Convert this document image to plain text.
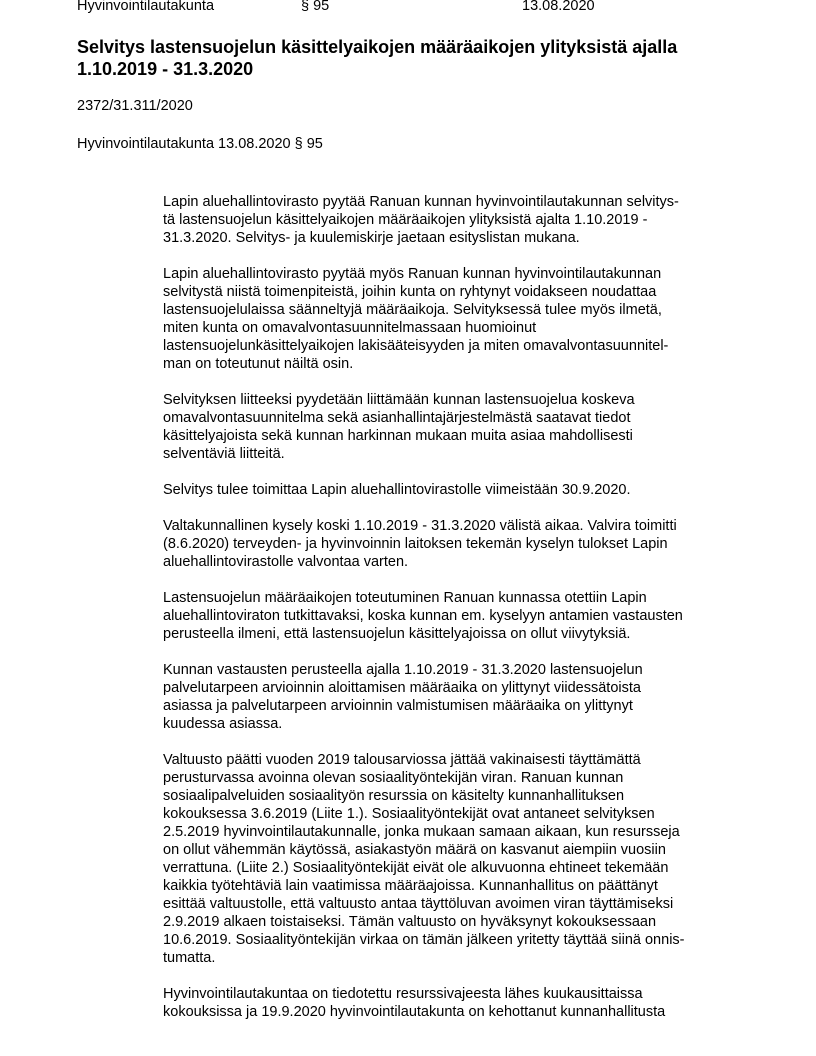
Hyvinvointilautakunta	§ 95	13.08.2020
Selvitys lastensuojelun käsittelyaikojen määräaikojen ylityksistä ajalla
1.10.2019 - 31.3.2020
2372/31.311/2020
Hyvinvointilautakunta 13.08.2020 § 95

Lapin aluehallintovirasto pyytää Ranuan kunnan hyvinvointilautakunnan selvitys-
tä lastensuojelun käsittelyaikojen määräaikojen ylityksistä ajalta 1.10.2019 -
31.3.2020. Selvitys- ja kuulemiskirje jaetaan esityslistan mukana.

Lapin aluehallintovirasto pyytää myös Ranuan kunnan hyvinvointilautakunnan
selvitystä niistä toimenpiteistä, joihin kunta on ryhtynyt voidakseen noudattaa
lastensuojelulaissa säänneltyjä määräaikoja. Selvityksessä tulee myös ilmetä,
miten kunta on omavalvontasuunnitelmassaan huomioinut
lastensuojelunkäsittelyaikojen lakisääteisyyden ja miten omavalvontasuunnitel-
man on toteutunut näiltä osin.

Selvityksen liitteeksi pyydetään liittämään kunnan lastensuojelua koskeva
omavalvontasuunnitelma sekä asianhallintajärjestelmästä saatavat tiedot
käsittelyajoista sekä kunnan harkinnan mukaan muita asiaa mahdollisesti
selventäviä liitteitä.

Selvitys tulee toimittaa Lapin aluehallintovirastolle viimeistään 30.9.2020.

Valtakunnallinen kysely koski 1.10.2019 - 31.3.2020 välistä aikaa. Valvira toimitti
(8.6.2020) terveyden- ja hyvinvoinnin laitoksen tekemän kyselyn tulokset Lapin
aluehallintovirastolle valvontaa varten.

Lastensuojelun määräaikojen toteutuminen Ranuan kunnassa otettiin Lapin
aluehallintoviraton tutkittavaksi, koska kunnan em. kyselyyn antamien vastausten
perusteella ilmeni, että lastensuojelun käsittelyajoissa on ollut viivytyksiä.

Kunnan vastausten perusteella ajalla 1.10.2019 - 31.3.2020 lastensuojelun
palvelutarpeen arvioinnin aloittamisen määräaika on ylittynyt viidessätoista
asiassa ja palvelutarpeen arvioinnin valmistumisen määräaika on ylittynyt
kuudessa asiassa.

Valtuusto päätti vuoden 2019 talousarviossa jättää vakinaisesti täyttämättä
perusturvassa avoinna olevan sosiaalityöntekijän viran. Ranuan kunnan
sosiaalipalveluiden sosiaalityön resurssia on käsitelty kunnanhallituksen
kokouksessa 3.6.2019 (Liite 1.). Sosiaalityöntekijät ovat antaneet selvityksen
2.5.2019 hyvinvointilautakunnalle, jonka mukaan samaan aikaan, kun resursseja
on ollut vähemmän käytössä, asiakastyön määrä on kasvanut aiempiin vuosiin
verrattuna. (Liite 2.) Sosiaalityöntekijät eivät ole alkuvuonna ehtineet tekemään
kaikkia työtehtäviä lain vaatimissa määräajoissa. Kunnanhallitus on päättänyt
esittää valtuustolle, että valtuusto antaa täyttöluvan avoimen viran täyttämiseksi
2.9.2019 alkaen toistaiseksi. Tämän valtuusto on hyväksynyt kokouksessaan
10.6.2019. Sosiaalityöntekijän virkaa on tämän jälkeen yritetty täyttää siinä onnis-
tumatta.

Hyvinvointilautakuntaa on tiedotettu resurssivajeesta lähes kuukausittaissa
kokouksissa ja 19.9.2020 hyvinvointilautakunta on kehottanut kunnanhallitusta
